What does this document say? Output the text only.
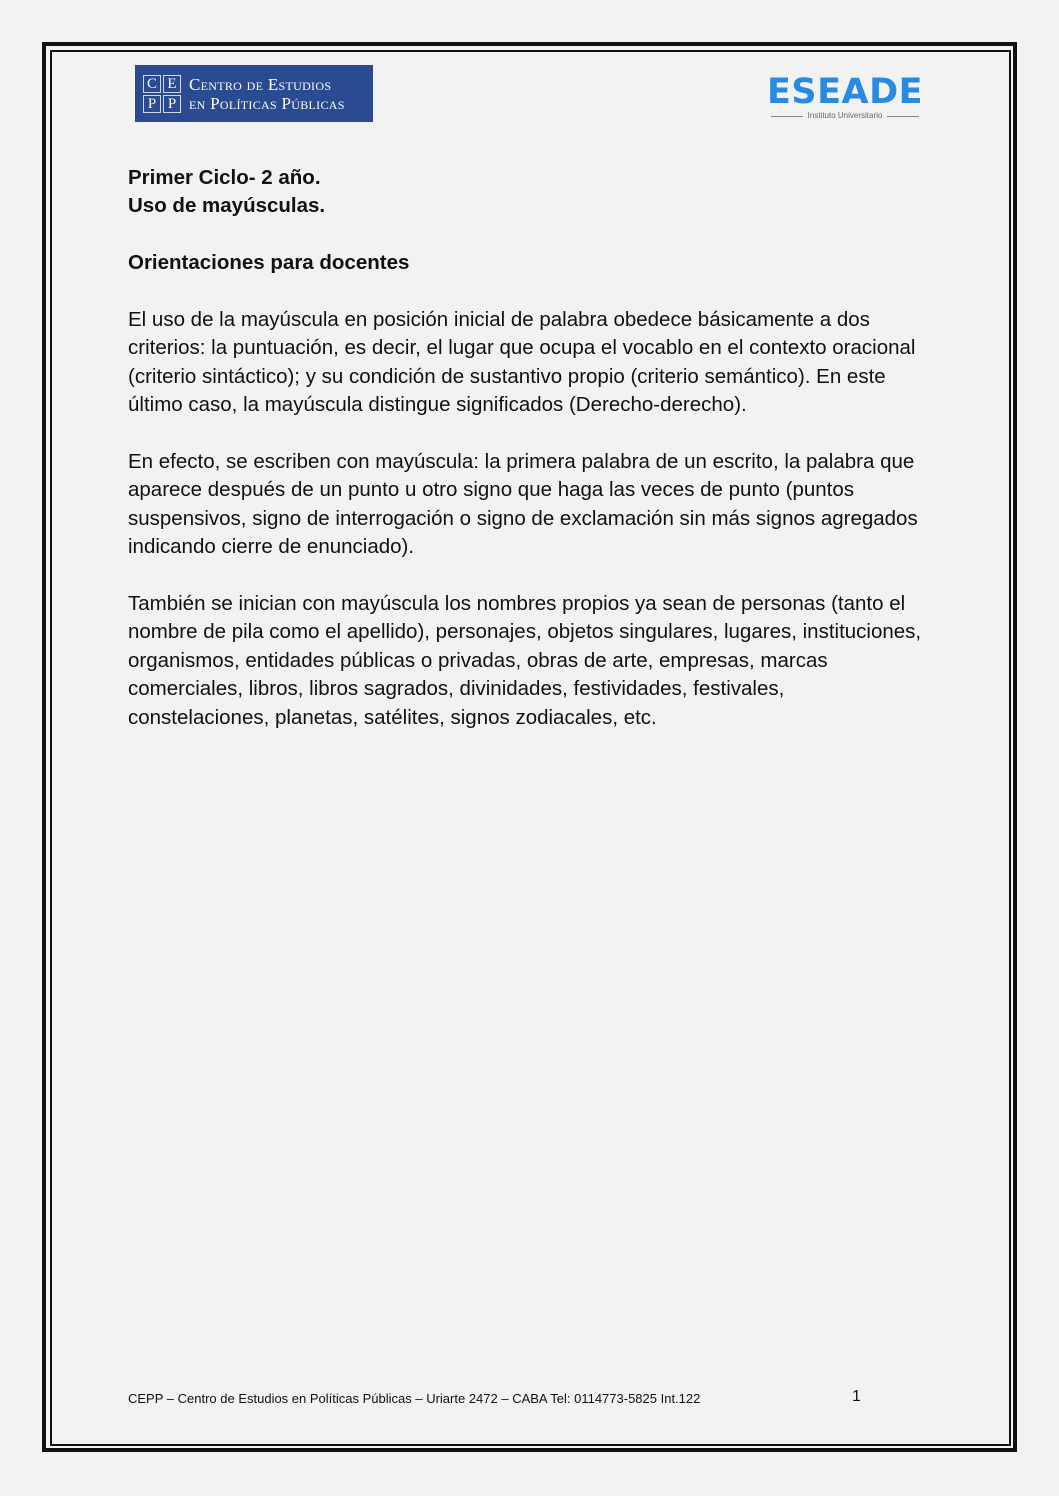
C E
P P
Centro de Estudios
en Políticas Públicas	ESEADE
Instituto Universitario

Primer Ciclo- 2 año.

Uso de mayúsculas.

Orientaciones para docentes

El uso de la mayúscula en posición inicial de palabra obedece básicamente a dos criterios: la puntuación, es decir, el lugar que ocupa el vocablo en el contexto oracional (criterio sintáctico); y su condición de sustantivo propio (criterio semántico). En este último caso, la mayúscula distingue significados (Derecho-derecho).

En efecto, se escriben con mayúscula: la primera palabra de un escrito, la palabra que aparece después de un punto u otro signo que haga las veces de punto (puntos suspensivos, signo de interrogación o signo de exclamación sin más signos agregados indicando cierre de enunciado).

También se inician con mayúscula los nombres propios ya sean de personas (tanto el nombre de pila como el apellido), personajes, objetos singulares, lugares, instituciones, organismos, entidades públicas o privadas, obras de arte, empresas, marcas comerciales, libros, libros sagrados, divinidades, festividades, festivales, constelaciones, planetas, satélites, signos zodiacales, etc.

CEPP – Centro de Estudios en Políticas Públicas – Uriarte 2472 – CABA Tel: 0114773-5825 Int.122	1
